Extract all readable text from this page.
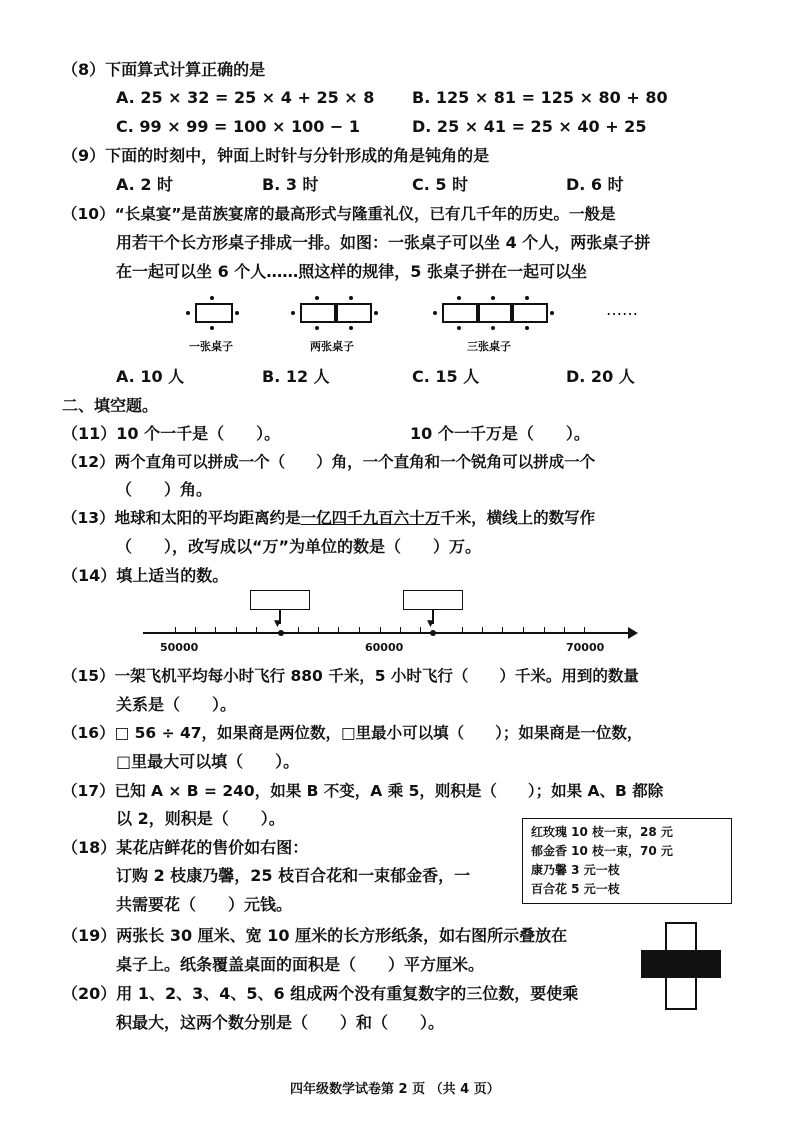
（8）下面算式计算正确的是
A. 25 × 32 = 25 × 4 + 25 × 8 B. 125 × 81 = 125 × 80 + 80
C. 99 × 99 = 100 × 100 − 1	D. 25 × 41 = 25 × 40 + 25
（9）下面的时刻中，钟面上时针与分针形成的角是钝角的是
A. 2 时	B. 3 时	C. 5 时	D. 6 时
（10）“长桌宴”是苗族宴席的最高形式与隆重礼仪，已有几千年的历史。一般是
用若干个长方形桌子排成一排。如图：一张桌子可以坐 4 个人，两张桌子拼
在一起可以坐 6 个人……照这样的规律，5 张桌子拼在一起可以坐
一张桌子	两张桌子	三张桌子
……
A. 10 人	B. 12 人	C. 15 人	D. 20 人
二、填空题。
（11）10 个一千是（　　）。	10 个一千万是（　　）。
（12）两个直角可以拼成一个（　　）角，一个直角和一个锐角可以拼成一个
（　　）角。
（13）地球和太阳的平均距离约是一亿四千九百六十万千米，横线上的数写作
（　　），改写成以“万”为单位的数是（　　）万。
（14）填上适当的数。
▼	▼
50000	60000	70000
（15）一架飞机平均每小时飞行 880 千米，5 小时飞行（　　）千米。用到的数量
关系是（　　）。
（16）□ 56 ÷ 47，如果商是两位数，□里最小可以填（　　）；如果商是一位数，
□里最大可以填（　　）。
（17）已知 A × B = 240，如果 B 不变，A 乘 5，则积是（　　）；如果 A、B 都除
以 2，则积是（　　）。
（18）某花店鲜花的售价如右图：
订购 2 枝康乃馨，25 枝百合花和一束郁金香，一
共需要花（　　）元钱。
红玫瑰 10 枝一束，28 元
郁金香 10 枝一束，70 元
康乃馨 3 元一枝
百合花 5 元一枝
（19）两张长 30 厘米、宽 10 厘米的长方形纸条，如右图所示叠放在
桌子上。纸条覆盖桌面的面积是（　　）平方厘米。
（20）用 1、2、3、4、5、6 组成两个没有重复数字的三位数，要使乘
积最大，这两个数分别是（　　）和（　　）。
四年级数学试卷第 2 页 （共 4 页）
